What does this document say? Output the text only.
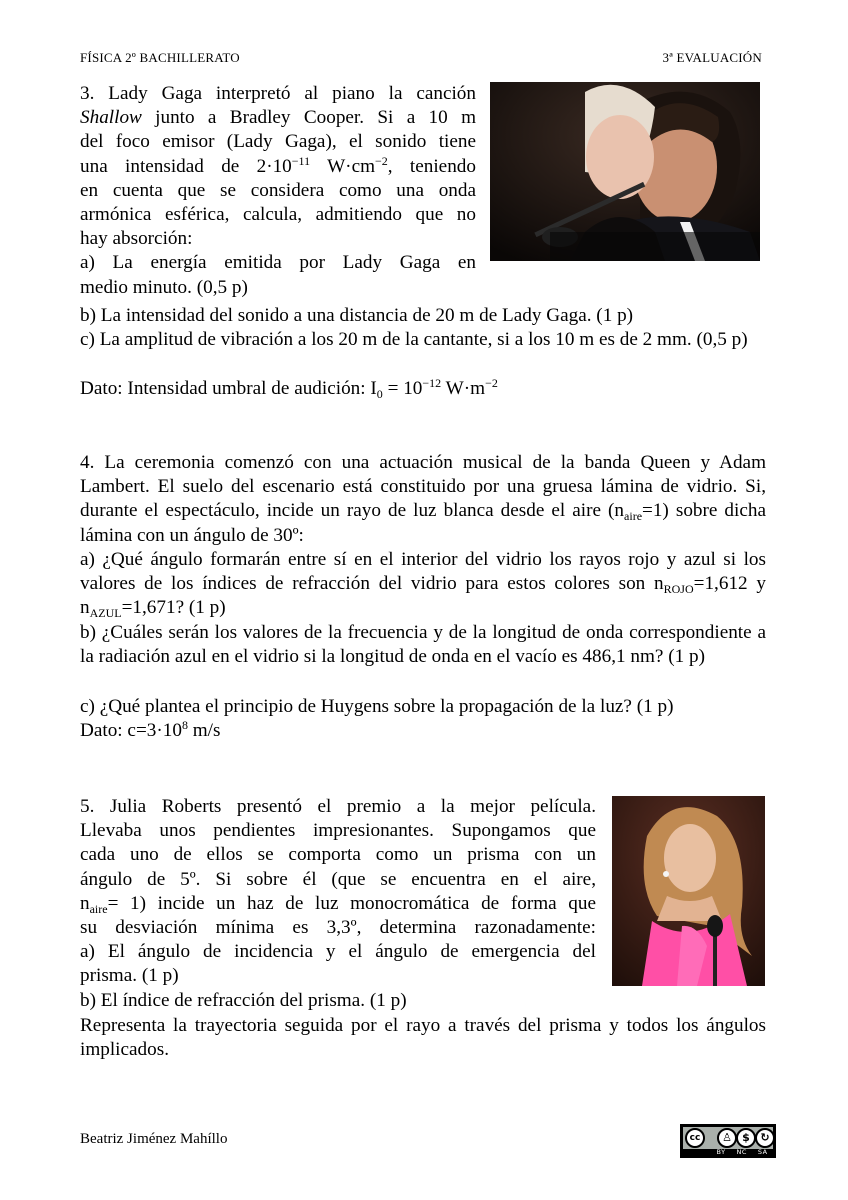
FÍSICA 2º BACHILLERATO	3ª EVALUACIÓN
3. Lady Gaga interpretó al piano la canción
Shallow junto a Bradley Cooper. Si a 10 m
del foco emisor (Lady Gaga), el sonido tiene
una intensidad de $2\cdot 10^{-11}$ $W\cdot cm^{-2}$, teniendo
en cuenta que se considera como una onda
armónica esférica, calcula, admitiendo que no
hay absorción:
a) La energía emitida por Lady Gaga en
medio minuto. (0,5 p)
b) La intensidad del sonido a una distancia de 20 m de Lady Gaga. (1 p)
c) La amplitud de vibración a los 20 m de la cantante, si a los 10 m es de 2 mm. (0,5 p)
Dato: Intensidad umbral de audición: $I_0 = 10^{-12}$ $W\cdot m^{-2}$
4. La ceremonia comenzó con una actuación musical de la banda Queen y Adam Lambert. El suelo del escenario está constituido por una gruesa lámina de vidrio. Si, durante el espectáculo, incide un rayo de luz blanca desde el aire $(n_{aire}=1)$ sobre dicha lámina con un ángulo de 30º:
a) ¿Qué ángulo formarán entre sí en el interior del vidrio los rayos rojo y azul si los valores de los índices de refracción del vidrio para estos colores son $n_{ROJO}=1,612$ y $n_{AZUL}=1,671$? (1 p)
b) ¿Cuáles serán los valores de la frecuencia y de la longitud de onda correspondiente a la radiación azul en el vidrio si la longitud de onda en el vacío es 486,1 nm? (1 p)
c) ¿Qué plantea el principio de Huygens sobre la propagación de la luz? (1 p)
Dato: $c=3\cdot 10^8$ m/s
5. Julia Roberts presentó el premio a la mejor película.
Llevaba unos pendientes impresionantes. Supongamos que
cada uno de ellos se comporta como un prisma con un
ángulo de 5º. Si sobre él (que se encuentra en el aire,
$n_{aire}= 1$) incide un haz de luz monocromática de forma que
su desviación mínima es 3,3º, determina razonadamente:
a) El ángulo de incidencia y el ángulo de emergencia del
prisma. (1 p)
b) El índice de refracción del prisma. (1 p)
Representa la trayectoria seguida por el rayo a través del prisma y todos los ángulos implicados.
Beatriz Jiménez Mahíllo	cc	♙ $ ↻
BY NC SA
